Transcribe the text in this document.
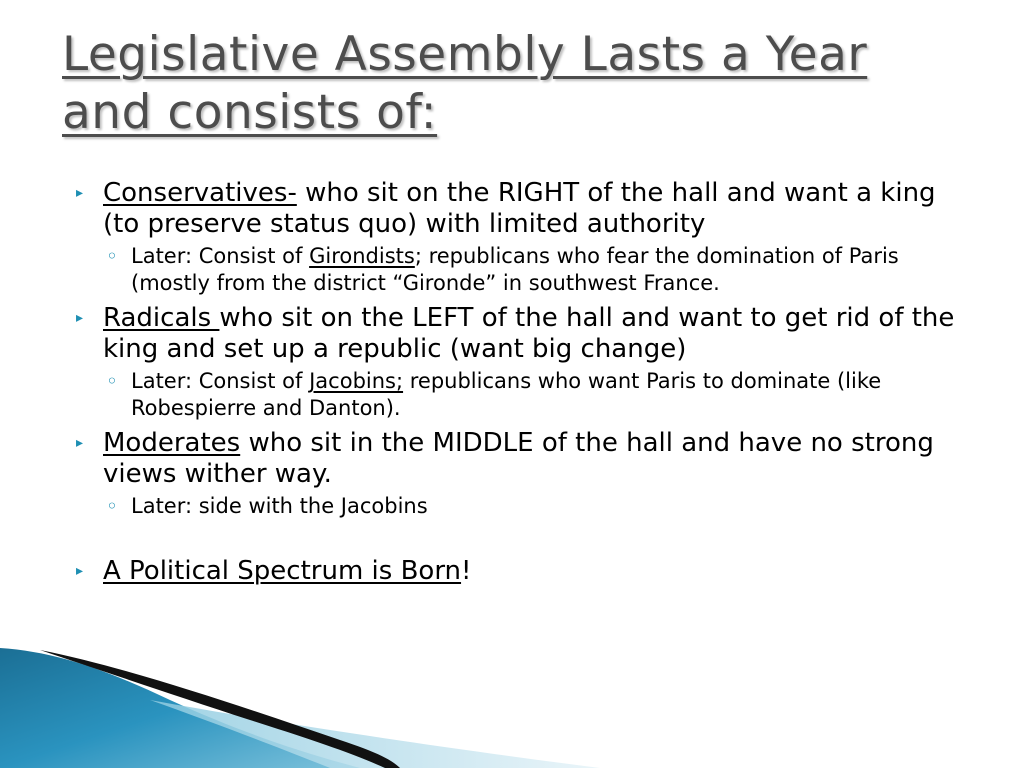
Legislative Assembly Lasts a Year
and consists of:
▸ Conservatives- who sit on the RIGHT of the hall and want a king (to preserve status quo) with limited authority
◦ Later: Consist of Girondists; republicans who fear the domination of Paris (mostly from the district “Gironde” in southwest France.
▸ Radicals who sit on the LEFT of the hall and want to get rid of the king and set up a republic (want big change)
◦ Later: Consist of Jacobins; republicans who want Paris to dominate (like Robespierre and Danton).
▸ Moderates who sit in the MIDDLE of the hall and have no strong views wither way.
◦ Later: side with the Jacobins
▸ A Political Spectrum is Born!
